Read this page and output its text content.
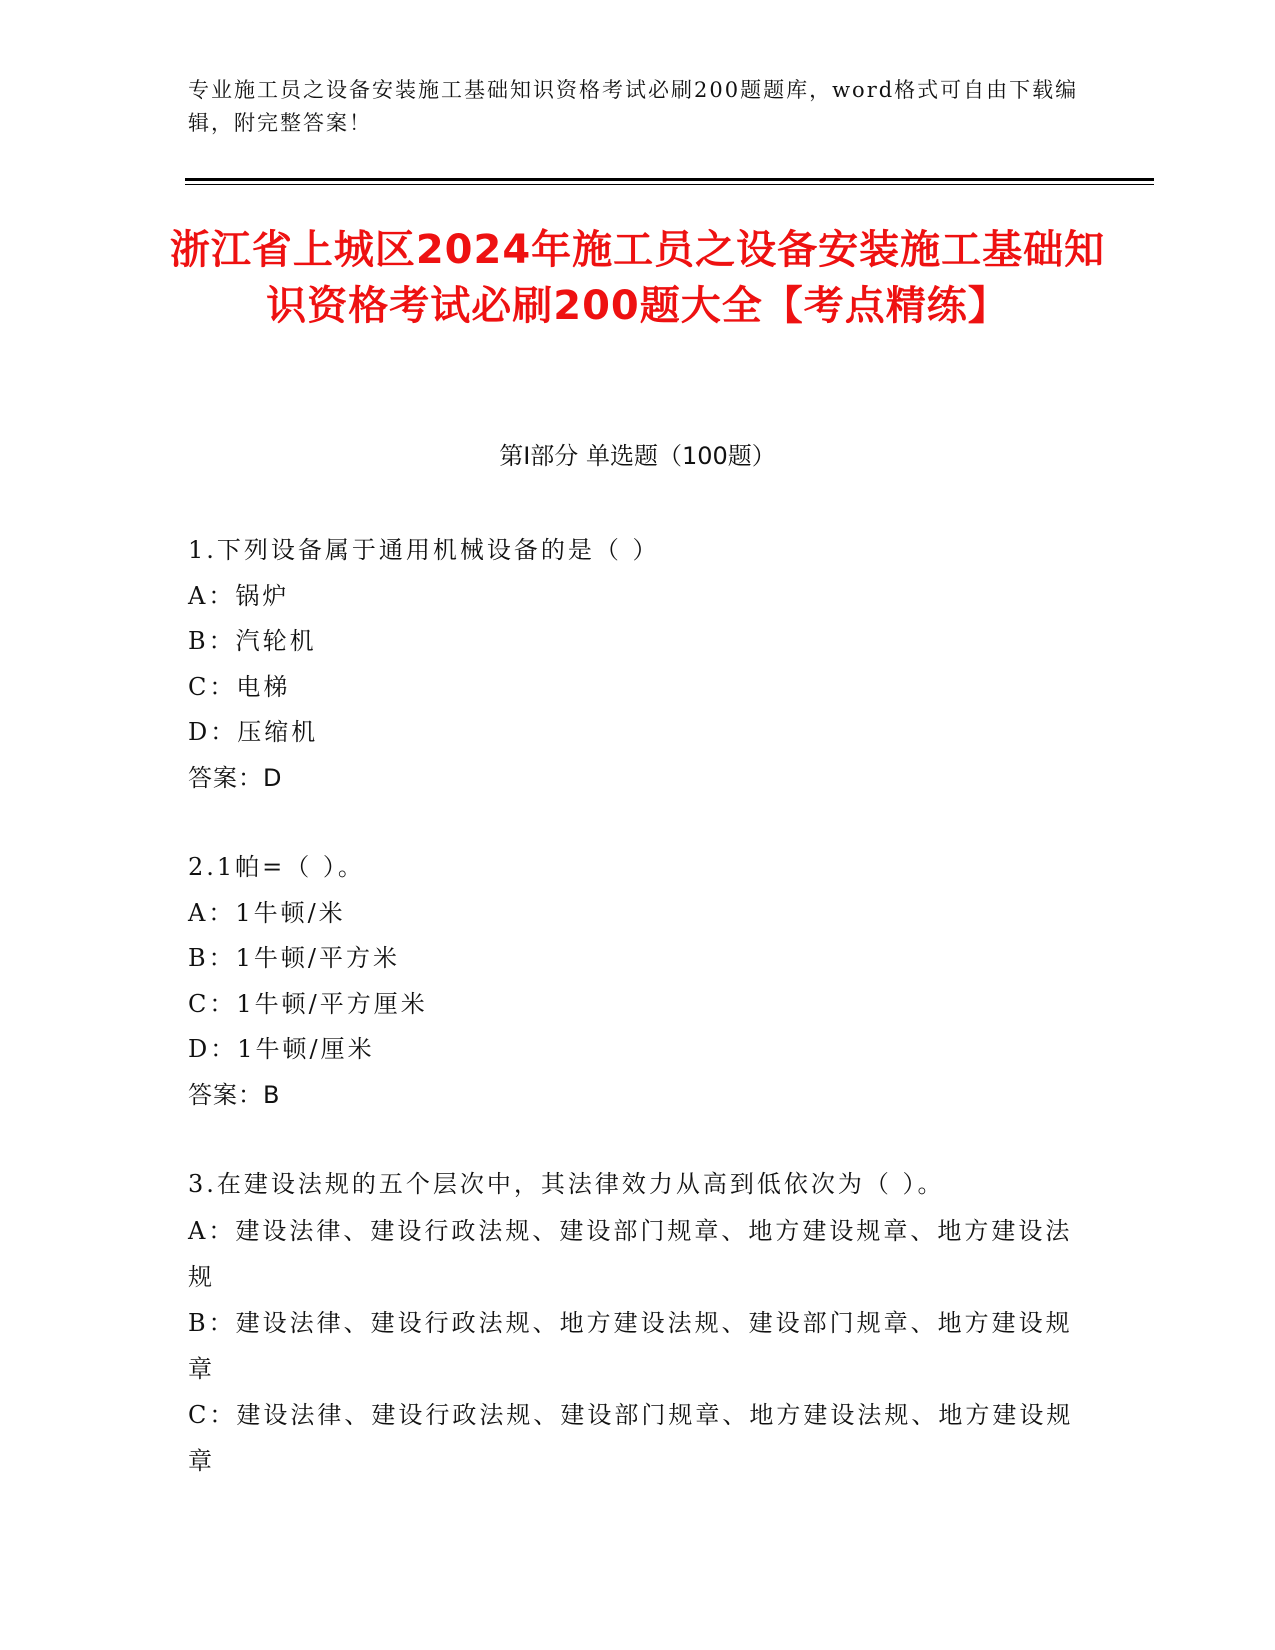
专业施工员之设备安装施工基础知识资格考试必刷200题题库，word格式可自由下载编辑，附完整答案！
浙江省上城区2024年施工员之设备安装施工基础知识资格考试必刷200题大全【考点精练】
第I部分 单选题（100题）
1.下列设备属于通用机械设备的是（ ）
A：锅炉
B：汽轮机
C：电梯
D：压缩机
答案：D
2.1帕=（ ）。
A：1牛顿/米
B：1牛顿/平方米
C：1牛顿/平方厘米
D：1牛顿/厘米
答案：B
3.在建设法规的五个层次中，其法律效力从高到低依次为（ ）。
A：建设法律、建设行政法规、建设部门规章、地方建设规章、地方建设法规
B：建设法律、建设行政法规、地方建设法规、建设部门规章、地方建设规章
C：建设法律、建设行政法规、建设部门规章、地方建设法规、地方建设规章
